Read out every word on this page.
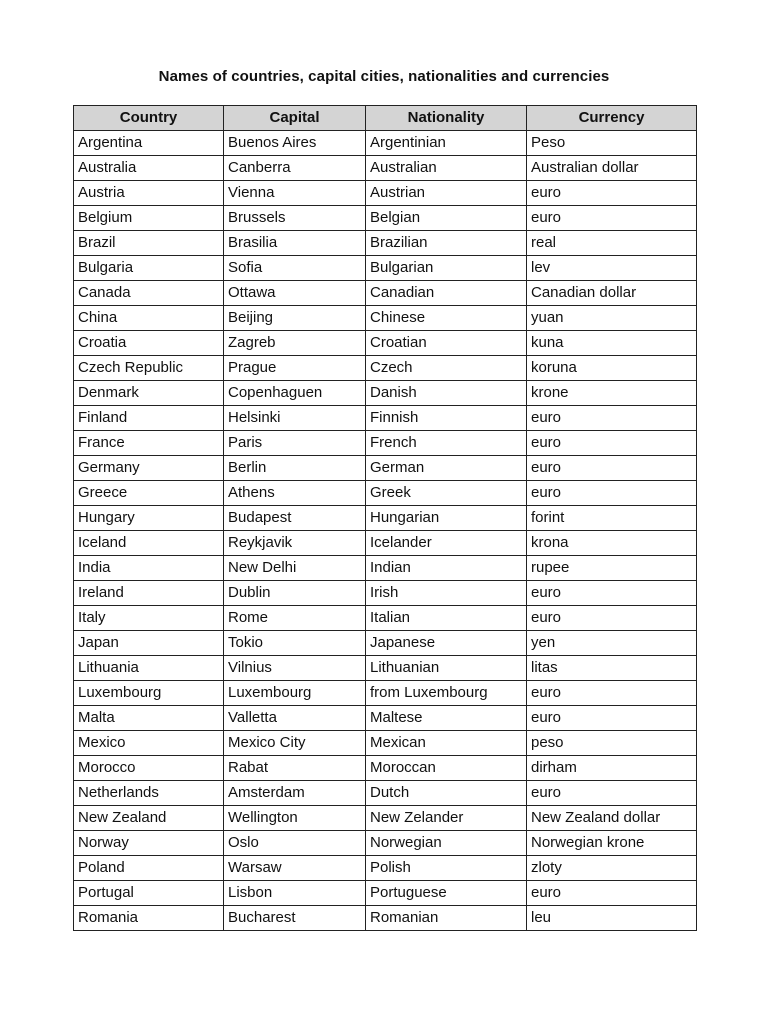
Names of countries, capital cities, nationalities and currencies
Country	Capital	Nationality	Currency
Argentina	Buenos Aires	Argentinian	Peso
Australia	Canberra	Australian	Australian dollar
Austria	Vienna	Austrian	euro
Belgium	Brussels	Belgian	euro
Brazil	Brasilia	Brazilian	real
Bulgaria	Sofia	Bulgarian	lev
Canada	Ottawa	Canadian	Canadian dollar
China	Beijing	Chinese	yuan
Croatia	Zagreb	Croatian	kuna
Czech Republic	Prague	Czech	koruna
Denmark	Copenhaguen	Danish	krone
Finland	Helsinki	Finnish	euro
France	Paris	French	euro
Germany	Berlin	German	euro
Greece	Athens	Greek	euro
Hungary	Budapest	Hungarian	forint
Iceland	Reykjavik	Icelander	krona
India	New Delhi	Indian	rupee
Ireland	Dublin	Irish	euro
Italy	Rome	Italian	euro
Japan	Tokio	Japanese	yen
Lithuania	Vilnius	Lithuanian	litas
Luxembourg	Luxembourg	from Luxembourg	euro
Malta	Valletta	Maltese	euro
Mexico	Mexico City	Mexican	peso
Morocco	Rabat	Moroccan	dirham
Netherlands	Amsterdam	Dutch	euro
New Zealand	Wellington	New Zelander	New Zealand dollar
Norway	Oslo	Norwegian	Norwegian krone
Poland	Warsaw	Polish	zloty
Portugal	Lisbon	Portuguese	euro
Romania	Bucharest	Romanian	leu
